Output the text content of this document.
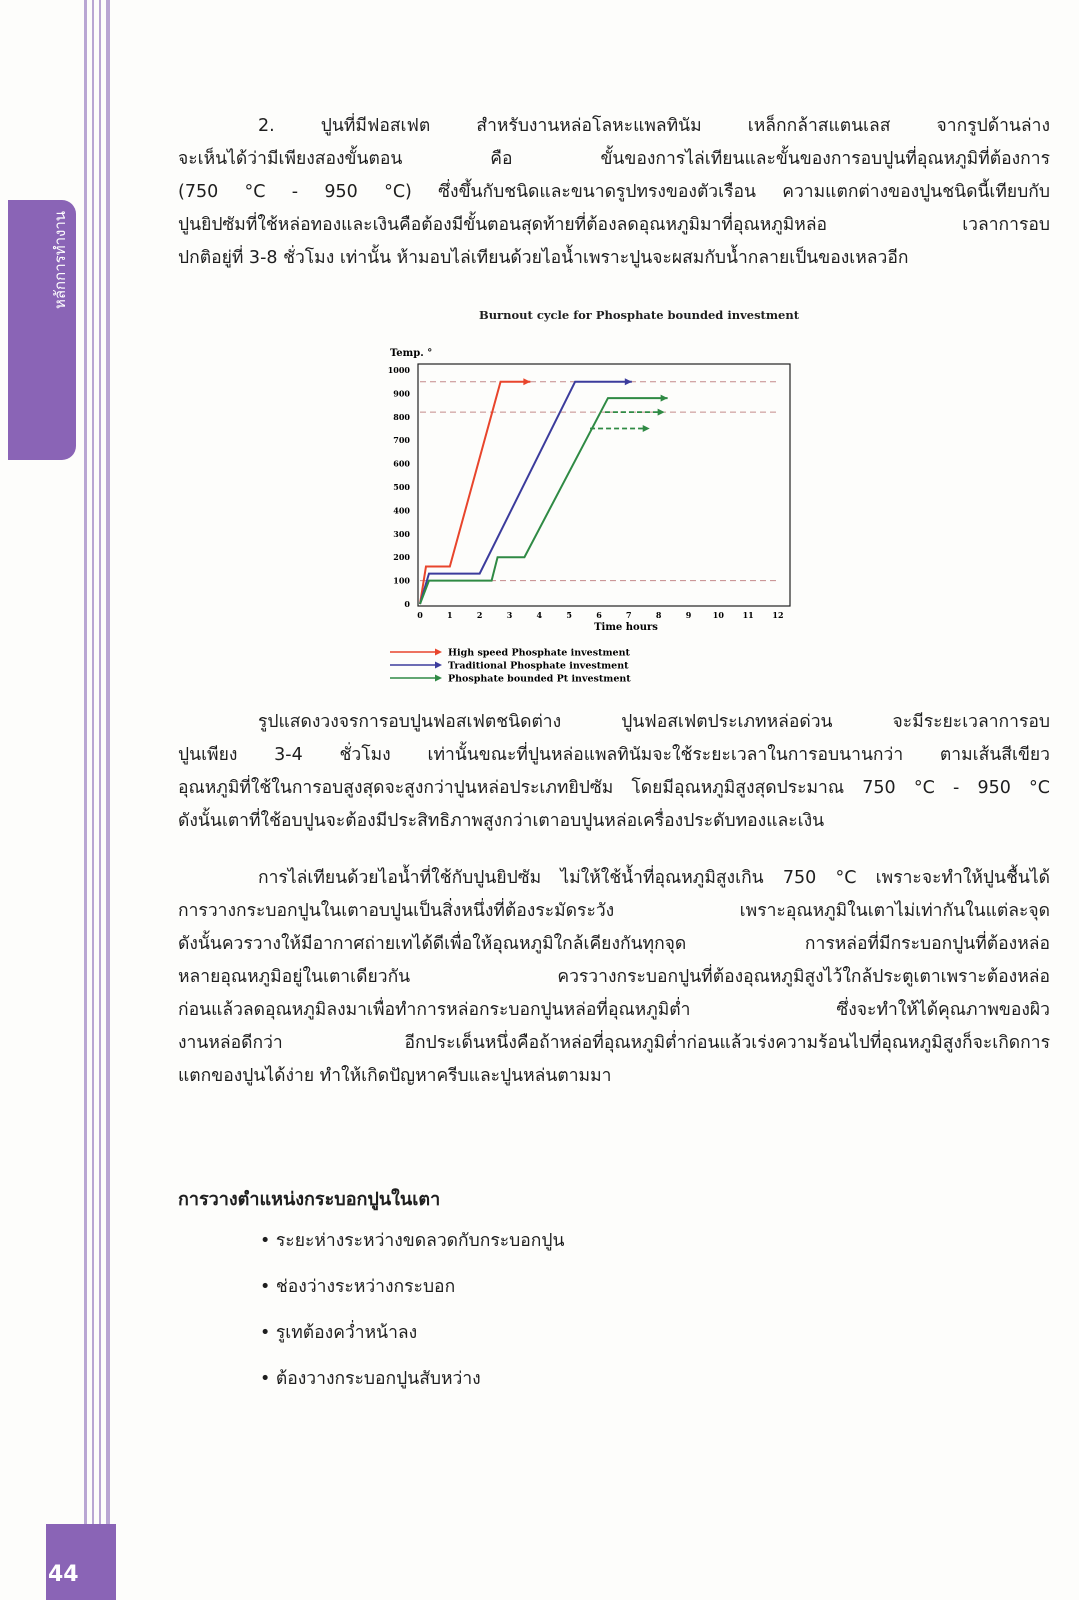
หลักการทำงาน
44

2. ปูนที่มีฟอสเฟต สำหรับงานหล่อโลหะแพลทินัม เหล็กกล้าสแตนเลส จากรูปด้านล่าง

จะเห็นได้ว่ามีเพียงสองขั้นตอน คือ ขั้นของการไล่เทียนและขั้นของการอบปูนที่อุณหภูมิที่ต้องการ

(750 °C - 950 °C) ซึ่งขึ้นกับชนิดและขนาดรูปทรงของตัวเรือน ความแตกต่างของปูนชนิดนี้เทียบกับ

ปูนยิปซัมที่ใช้หล่อทองและเงินคือต้องมีขั้นตอนสุดท้ายที่ต้องลดอุณหภูมิมาที่อุณหภูมิหล่อ เวลาการอบ

ปกติอยู่ที่ 3-8 ชั่วโมง เท่านั้น ห้ามอบไล่เทียนด้วยไอน้ำเพราะปูนจะผสมกับน้ำกลายเป็นของเหลวอีก

Burnout cycle for Phosphate bounded investment
Temp. °
0
100
200
300
400
500
600
700
800
900
1000
0	1	2	3	4	5	6	7	8	9	10 11 12
Time hours
High speed Phosphate investment
Traditional Phosphate investment
Phosphate bounded Pt investment

รูปแสดงวงจรการอบปูนฟอสเฟตชนิดต่าง ปูนฟอสเฟตประเภทหล่อด่วน จะมีระยะเวลาการอบ

ปูนเพียง 3-4 ชั่วโมง เท่านั้นขณะที่ปูนหล่อแพลทินัมจะใช้ระยะเวลาในการอบนานกว่า ตามเส้นสีเขียว

อุณหภูมิที่ใช้ในการอบสูงสุดจะสูงกว่าปูนหล่อประเภทยิปซัม โดยมีอุณหภูมิสูงสุดประมาณ 750 °C - 950 °C

ดังนั้นเตาที่ใช้อบปูนจะต้องมีประสิทธิภาพสูงกว่าเตาอบปูนหล่อเครื่องประดับทองและเงิน

การไล่เทียนด้วยไอน้ำที่ใช้กับปูนยิปซัม ไม่ให้ใช้น้ำที่อุณหภูมิสูงเกิน 750 °C เพราะจะทำให้ปูนชื้นได้

การวางกระบอกปูนในเตาอบปูนเป็นสิ่งหนึ่งที่ต้องระมัดระวัง เพราะอุณหภูมิในเตาไม่เท่ากันในแต่ละจุด

ดังนั้นควรวางให้มีอากาศถ่ายเทได้ดีเพื่อให้อุณหภูมิใกล้เคียงกันทุกจุด การหล่อที่มีกระบอกปูนที่ต้องหล่อ

หลายอุณหภูมิอยู่ในเตาเดียวกัน ควรวางกระบอกปูนที่ต้องอุณหภูมิสูงไว้ใกล้ประตูเตาเพราะต้องหล่อ

ก่อนแล้วลดอุณหภูมิลงมาเพื่อทำการหล่อกระบอกปูนหล่อที่อุณหภูมิต่ำ ซึ่งจะทำให้ได้คุณภาพของผิว

งานหล่อดีกว่า อีกประเด็นหนึ่งคือถ้าหล่อที่อุณหภูมิต่ำก่อนแล้วเร่งความร้อนไปที่อุณหภูมิสูงก็จะเกิดการ

แตกของปูนได้ง่าย ทำให้เกิดปัญหาครีบและปูนหล่นตามมา

การวางตำแหน่งกระบอกปูนในเตา
• ระยะห่างระหว่างขดลวดกับกระบอกปูน
• ช่องว่างระหว่างกระบอก
• รูเทต้องคว่ำหน้าลง
• ต้องวางกระบอกปูนสับหว่าง
